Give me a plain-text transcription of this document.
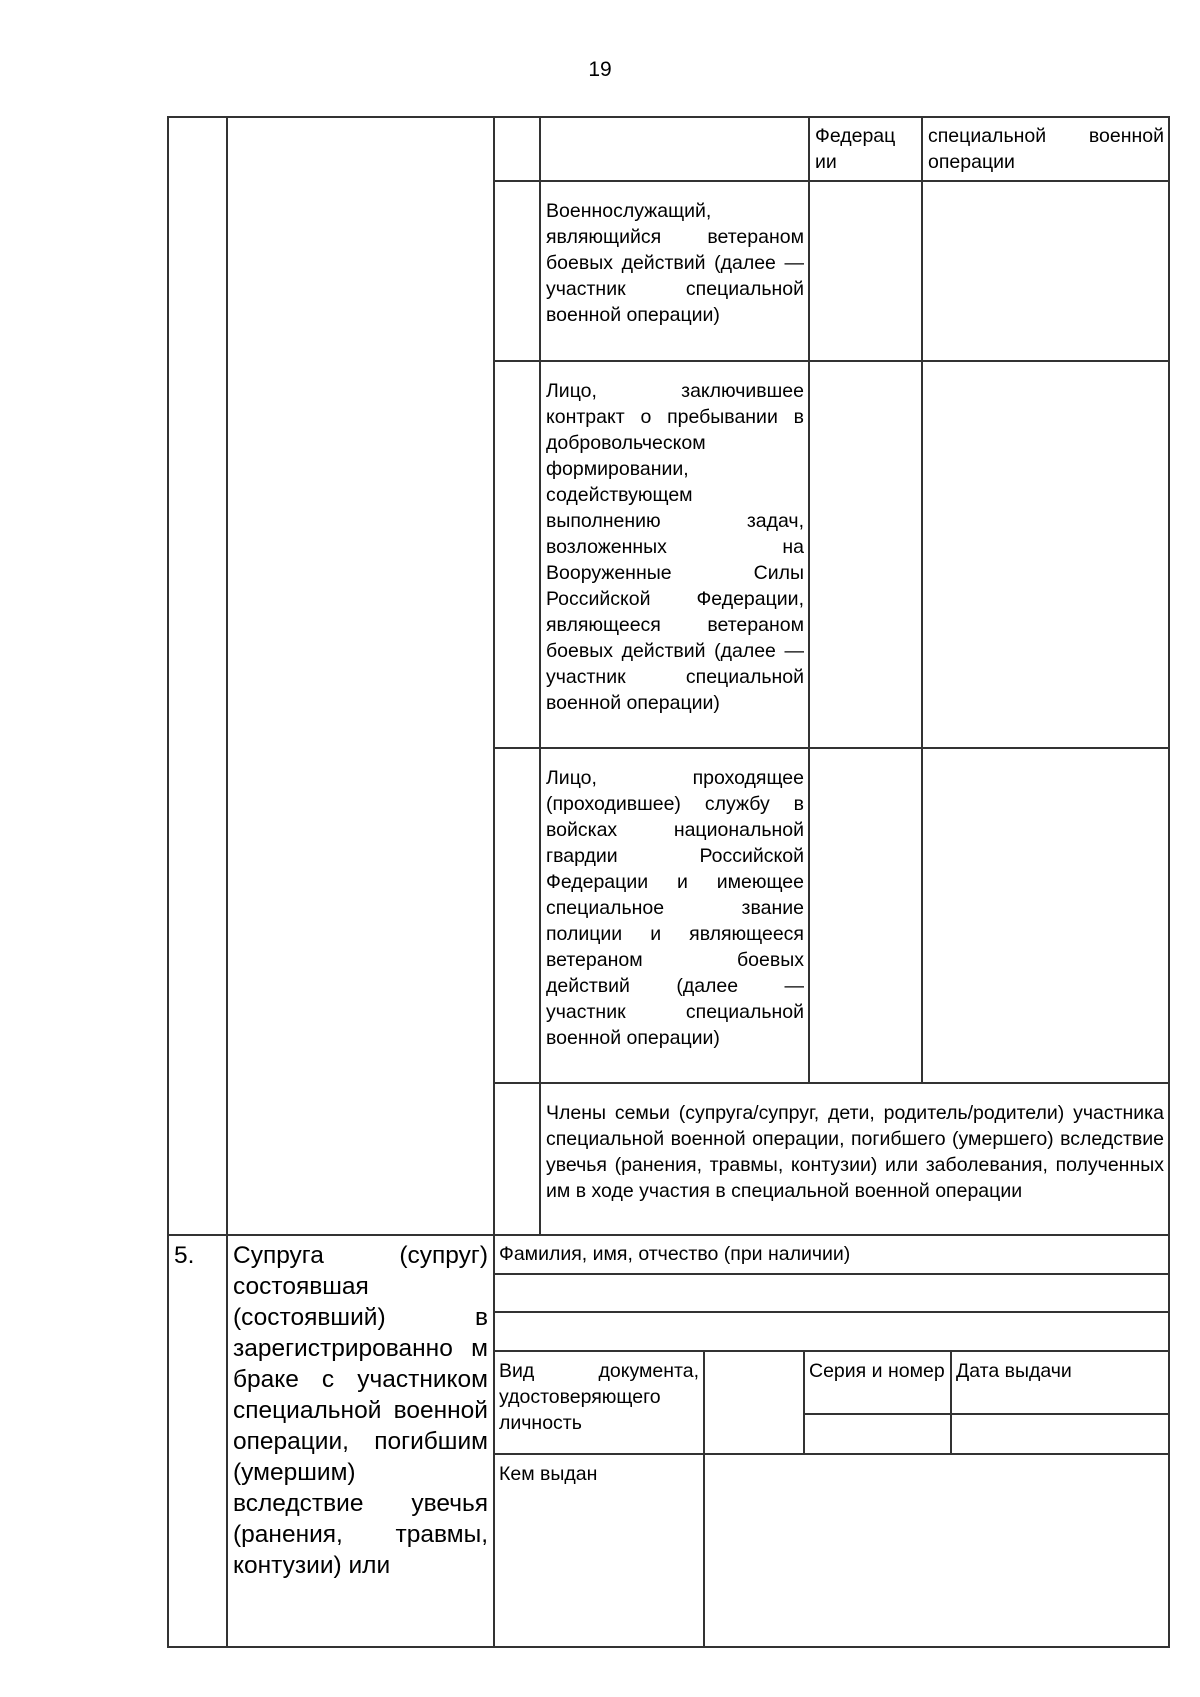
19
Федерац ии
специальной военной операции
Военнослужащий, являющийся ветераном боевых действий (далее — участник специальной военной операции)
Лицо, заключившее контракт о пребывании в добровольческом формировании, содействующем выполнению задач, возложенных на Вооруженные Силы Российской Федерации, являющееся ветераном боевых действий (далее — участник специальной военной операции)
Лицо, проходящее (проходившее) службу в войсках национальной гвардии Российской Федерации и имеющее специальное звание полиции и являющееся ветераном боевых действий (далее — участник специальной военной операции)
Члены семьи (супруга/супруг, дети, родитель/родители) участника специальной военной операции, погибшего (умершего) вследствие увечья (ранения, травмы, контузии) или заболевания, полученных им в ходе участия в специальной военной операции
5.	Супруга (супруг) состоявшая (состоявший) в зарегистрированно м браке с участником специальной военной операции, погибшим (умершим) вследствие увечья (ранения, травмы, контузии) или
Фамилия, имя, отчество (при наличии)
Вид документа, удостоверяющего личность
Серия и номер Дата выдачи
Кем выдан
